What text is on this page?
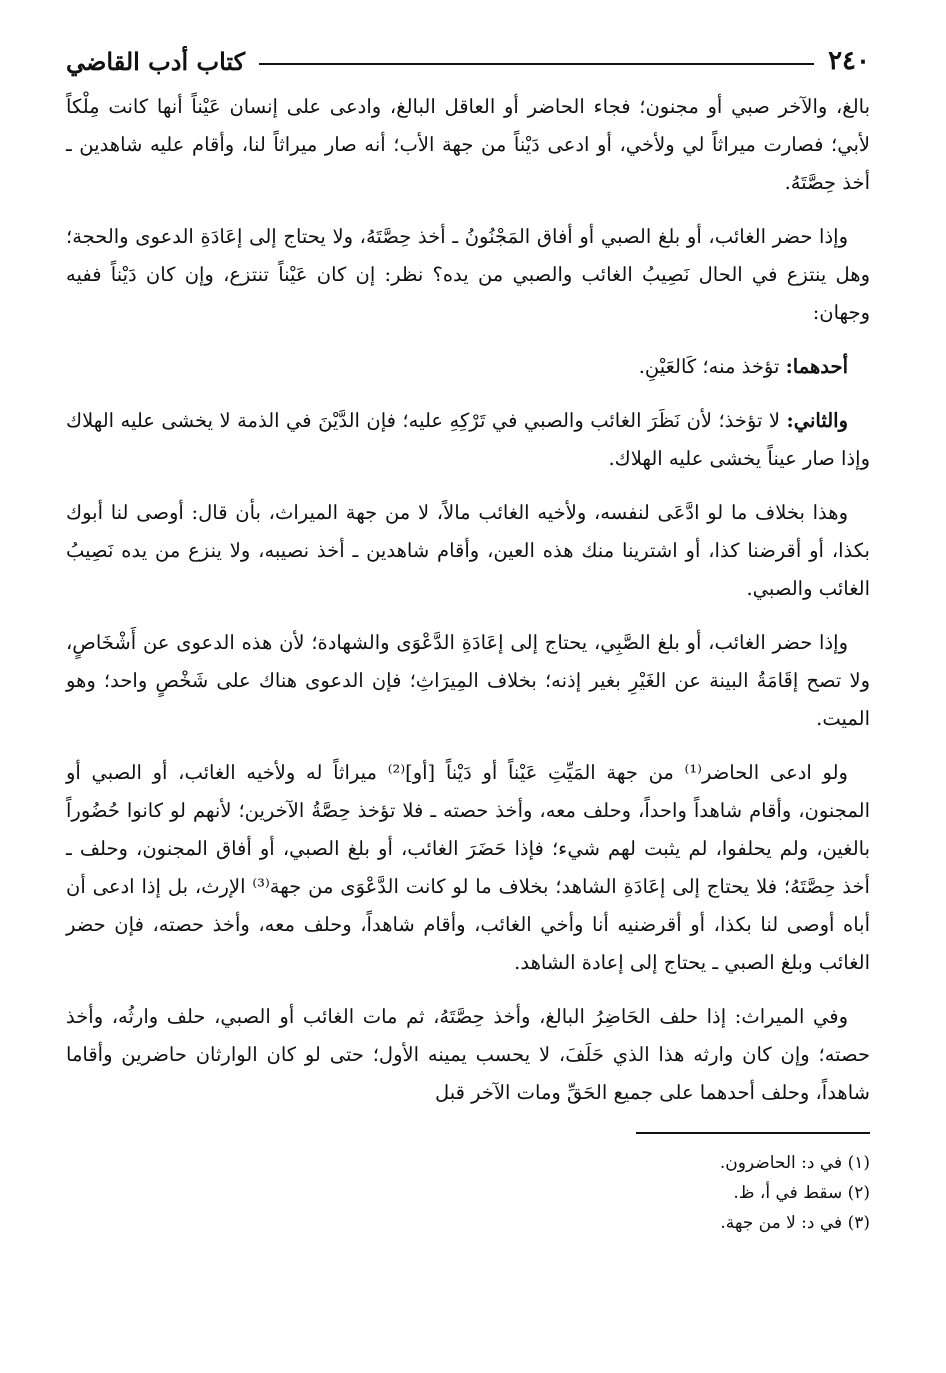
٢٤٠
كتاب أدب القاضي

بالغ، والآخر صبي أو مجنون؛ فجاء الحاضر أو العاقل البالغ، وادعى على إنسان عَيْناً أنها كانت مِلْكاً لأبي؛ فصارت ميراثاً لي ولأخي، أو ادعى دَيْناً من جهة الأب؛ أنه صار ميراثاً لنا، وأقام عليه شاهدين ـ أخذ حِصَّتَهُ.

وإذا حضر الغائب، أو بلغ الصبي أو أفاق المَجْنُونُ ـ أخذ حِصَّتَهُ، ولا يحتاج إلى إعَادَةِ الدعوى والحجة؛ وهل ينتزع في الحال نَصِيبُ الغائب والصبي من يده؟ نظر: إن كان عَيْناً تنتزع، وإن كان دَيْناً ففيه وجهان:

أحدهما: تؤخذ منه؛ كَالعَيْنِ.

والثاني: لا تؤخذ؛ لأن نَظَرَ الغائب والصبي في تَرْكِهِ عليه؛ فإن الدَّيْنَ في الذمة لا يخشى عليه الهلاك وإذا صار عيناً يخشى عليه الهلاك.

وهذا بخلاف ما لو ادَّعَى لنفسه، ولأخيه الغائب مالاً، لا من جهة الميراث، بأن قال: أوصى لنا أبوك بكذا، أو أقرضنا كذا، أو اشترينا منك هذه العين، وأقام شاهدين ـ أخذ نصيبه، ولا ينزع من يده نَصِيبُ الغائب والصبي.

وإذا حضر الغائب، أو بلغ الصَّبِي، يحتاج إلى إعَادَةِ الدَّعْوَى والشهادة؛ لأن هذه الدعوى عن أَشْخَاصٍ، ولا تصح إقَامَةُ البينة عن الغَيْرِ بغير إذنه؛ بخلاف المِيرَاثِ؛ فإن الدعوى هناك على شَخْصٍ واحد؛ وهو الميت.

ولو ادعى الحاضر⁽¹⁾ من جهة المَيِّتِ عَيْناً أو دَيْناً [أو]⁽²⁾ ميراثاً له ولأخيه الغائب، أو الصبي أو المجنون، وأقام شاهداً واحداً، وحلف معه، وأخذ حصته ـ فلا تؤخذ حِصَّةُ الآخرين؛ لأنهم لو كانوا حُضُوراً بالغين، ولم يحلفوا، لم يثبت لهم شيء؛ فإذا حَضَرَ الغائب، أو بلغ الصبي، أو أفاق المجنون، وحلف ـ أخذ حِصَّتَهُ؛ فلا يحتاج إلى إعَادَةِ الشاهد؛ بخلاف ما لو كانت الدَّعْوَى من جهة⁽³⁾ الإرث، بل إذا ادعى أن أباه أوصى لنا بكذا، أو أقرضنيه أنا وأخي الغائب، وأقام شاهداً، وحلف معه، وأخذ حصته، فإن حضر الغائب وبلغ الصبي ـ يحتاج إلى إعادة الشاهد.

وفي الميراث: إذا حلف الحَاضِرُ البالغ، وأخذ حِصَّتَهُ، ثم مات الغائب أو الصبي، حلف وارثُه، وأخذ حصته؛ وإن كان وارثه هذا الذي حَلَفَ، لا يحسب يمينه الأول؛ حتى لو كان الوارثان حاضرين وأقاما شاهداً، وحلف أحدهما على جميع الحَقِّ ومات الآخر قبل

(١) في د: الحاضرون.

(٢) سقط في أ، ظ.

(٣) في د: لا من جهة.
